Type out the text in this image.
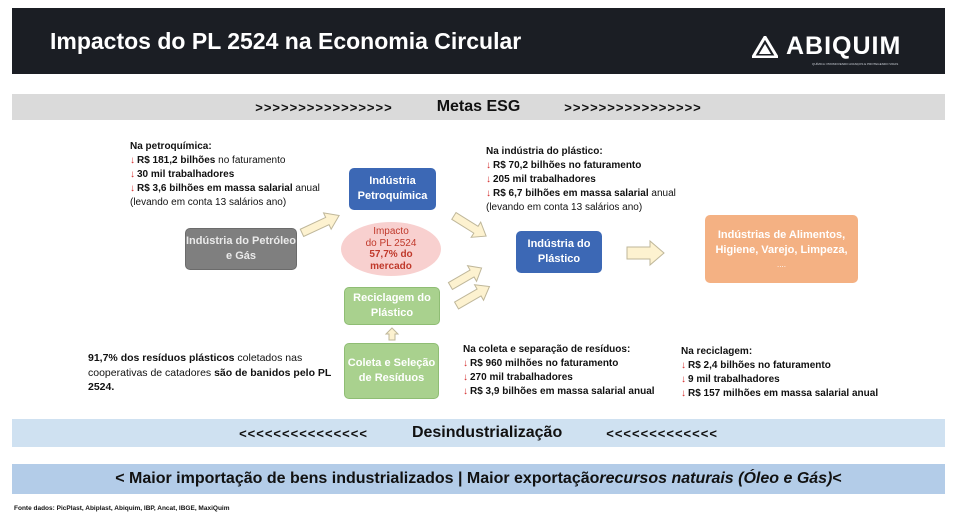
Impactos do PL 2524 na Economia Circular	ABIQUIM
QUÍMICA: PROMOVENDO AVANÇOS E PROTEGENDO VIDAS
>>>>>>>>>>>>>>>>	Metas ESG	>>>>>>>>>>>>>>>>
Na petroquímica:
↓ R$ 181,2 bilhões no faturamento
↓ 30 mil trabalhadores
↓ R$ 3,6 bilhões em massa salarial anual
(levando em conta 13 salários ano)
Na indústria do plástico:
↓ R$ 70,2 bilhões no faturamento
↓ 205 mil trabalhadores
↓ R$ 6,7 bilhões em massa salarial anual
(levando em conta 13 salários ano)
Na coleta e separação de resíduos:
↓ R$ 960 milhões no faturamento
↓ 270 mil trabalhadores
↓ R$ 3,9 bilhões em massa salarial anual
Na reciclagem:
↓ R$ 2,4 bilhões no faturamento
↓ 9 mil trabalhadores
↓ R$ 157 milhões em massa salarial anual
91,7% dos resíduos plásticos coletados nas cooperativas de catadores são de banidos pelo PL 2524.
Indústria do Petróleo e Gás
Indústria Petroquímica
Indústria do Plástico
Reciclagem do Plástico
Coleta e Seleção de Resíduos
Indústrias de Alimentos, Higiene, Varejo, Limpeza,
....
Impacto
do PL 2524
57,7% do
mercado
<<<<<<<<<<<<<<<	Desindustrialização	<<<<<<<<<<<<<
< Maior importação de bens industrializados | Maior exportação recursos naturais (Óleo e Gás) <
Fonte dados: PicPlast, Abiplast, Abiquim, IBP, Ancat, IBGE, MaxiQuim
